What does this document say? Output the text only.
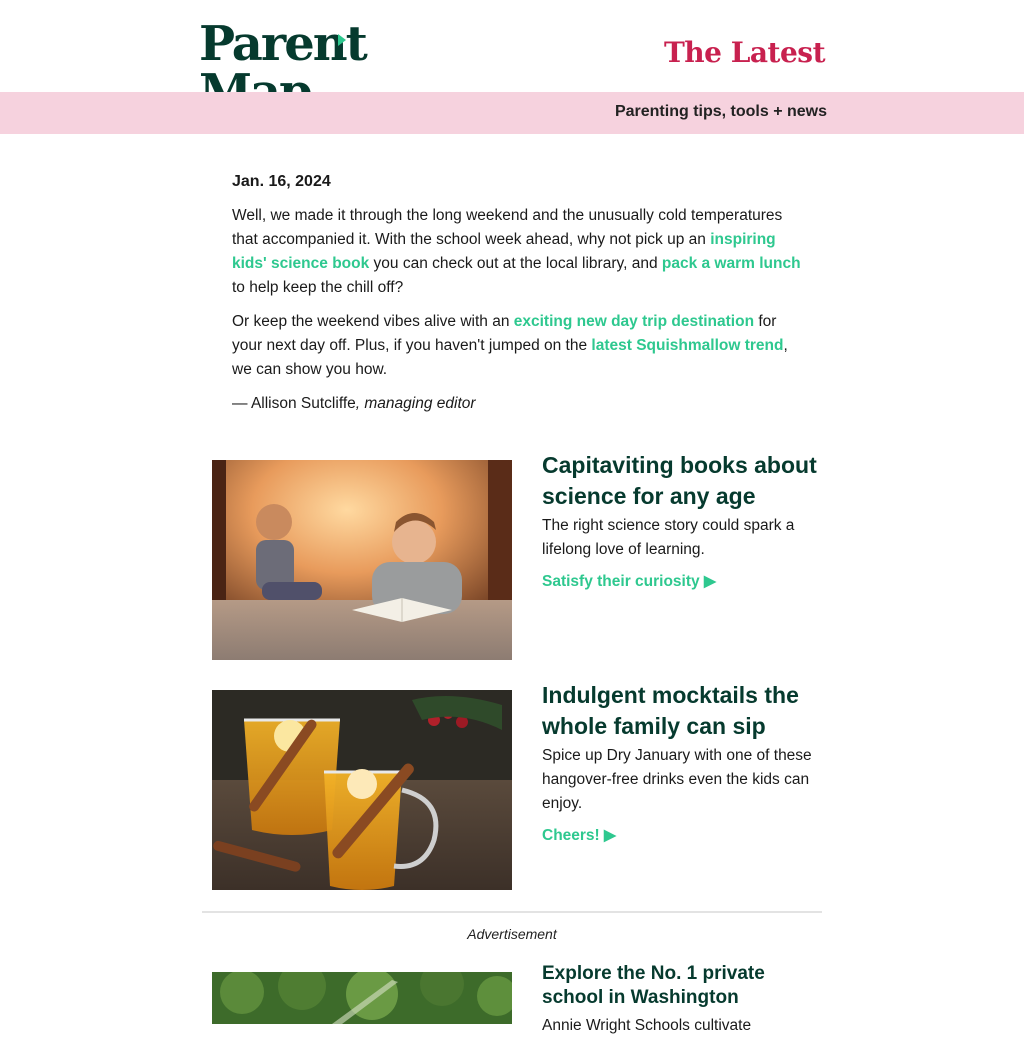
Parent	The Latest
Parenting tips, tools + news
Jan. 16, 2024

Well, we made it through the long weekend and the unusually cold temperatures that accompanied it. With the school week ahead, why not pick up an inspiring kids' science book you can check out at the local library, and pack a warm lunch to help keep the chill off?

Or keep the weekend vibes alive with an exciting new day trip destination for your next day off. Plus, if you haven't jumped on the latest Squishmallow trend, we can show you how.

— Allison Sutcliffe, managing editor

Capitaviting books about science for any age

The right science story could spark a lifelong love of learning.

Satisfy their curiosity ▶
Indulgent mocktails the whole family can sip

Spice up Dry January with one of these hangover-free drinks even the kids can enjoy.

Cheers! ▶
Advertisement
Explore the No. 1 private school in Washington

Annie Wright Schools cultivate
